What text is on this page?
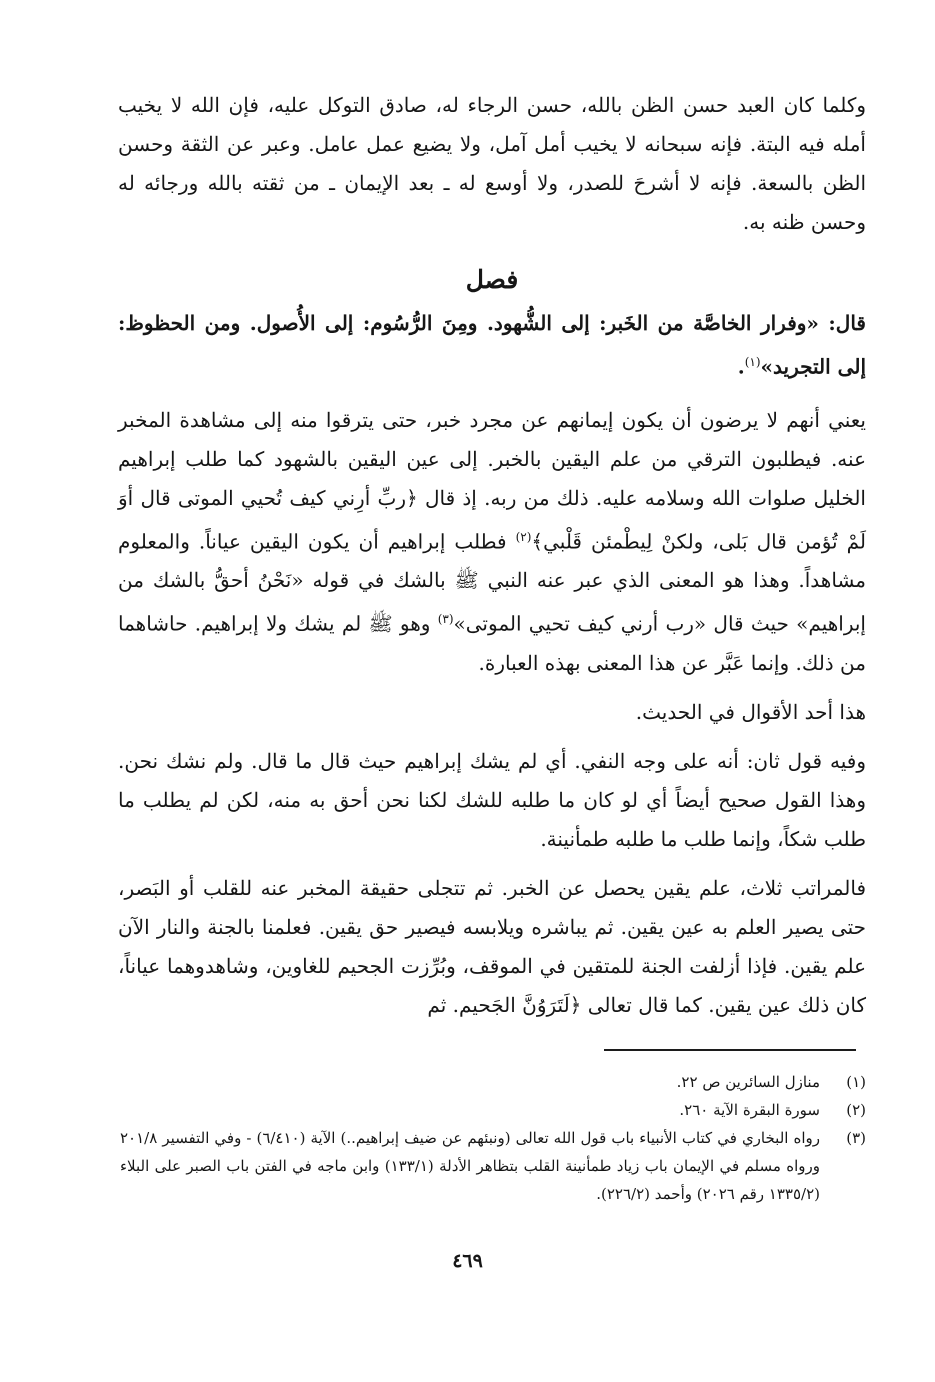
وكلما كان العبد حسن الظن بالله، حسن الرجاء له، صادق التوكل عليه، فإن الله لا يخيب أمله فيه البتة. فإنه سبحانه لا يخيب أمل آمل، ولا يضيع عمل عامل. وعبر عن الثقة وحسن الظن بالسعة. فإنه لا أشرحَ للصدر، ولا أوسع له ـ بعد الإيمان ـ من ثقته بالله ورجائه له وحسن ظنه به.

فصل

قال: «وفرار الخاصَّة من الخَبر: إلى الشُّهود. ومِنَ الرُّسُوم: إلى الأُصول. ومن الحظوظ: إلى التجريد»$^{(١)}$.

يعني أنهم لا يرضون أن يكون إيمانهم عن مجرد خبر، حتى يترقوا منه إلى مشاهدة المخبر عنه. فيطلبون الترقي من علم اليقين بالخبر. إلى عين اليقين بالشهود كما طلب إبراهيم الخليل صلوات الله وسلامه عليه. ذلك من ربه. إذ قال ﴿ربِّ أرِني كيف تُحيي الموتى قال أوَ لَمْ تُؤمن قال بَلى، ولكنْ لِيطْمئن قَلْبي﴾$^{(٢)}$ فطلب إبراهيم أن يكون اليقين عياناً. والمعلوم مشاهداً. وهذا هو المعنى الذي عبر عنه النبي ﷺ بالشك في قوله «نَحْنُ أحقُّ بالشك من إبراهيم» حيث قال «رب أرني كيف تحيي الموتى»$^{(٣)}$ وهو ﷺ لم يشك ولا إبراهيم. حاشاهما من ذلك. وإنما عَبَّر عن هذا المعنى بهذه العبارة.

هذا أحد الأقوال في الحديث.

وفيه قول ثان: أنه على وجه النفي. أي لم يشك إبراهيم حيث قال ما قال. ولم نشك نحن. وهذا القول صحيح أيضاً أي لو كان ما طلبه للشك لكنا نحن أحق به منه، لكن لم يطلب ما طلب شكاً، وإنما طلب ما طلبه طمأنينة.

فالمراتب ثلاث، علم يقين يحصل عن الخبر. ثم تتجلى حقيقة المخبر عنه للقلب أو البَصر، حتى يصير العلم به عين يقين. ثم يباشره ويلابسه فيصير حق يقين. فعلمنا بالجنة والنار الآن علم يقين. فإذا أزلفت الجنة للمتقين في الموقف، وبُرِّزت الجحيم للغاوين، وشاهدوهما عياناً، كان ذلك عين يقين. كما قال تعالى ﴿لَتَرَوُنَّ الجَحيم. ثم

(١)
منازل السائرين ص ٢٢.
(٢)
سورة البقرة الآية ٢٦٠.
(٣)
رواه البخاري في كتاب الأنبياء باب قول الله تعالى (ونبئهم عن ضيف إبراهيم..) الآية (٦/٤١٠) - وفي التفسير ٢٠١/٨ ورواه مسلم في الإيمان باب زياد طمأنينة القلب بتظاهر الأدلة (١٣٣/١) وابن ماجه في الفتن باب الصبر على البلاء (١٣٣٥/٢ رقم ٢٠٢٦) وأحمد (٢٢٦/٢).
٤٦٩
